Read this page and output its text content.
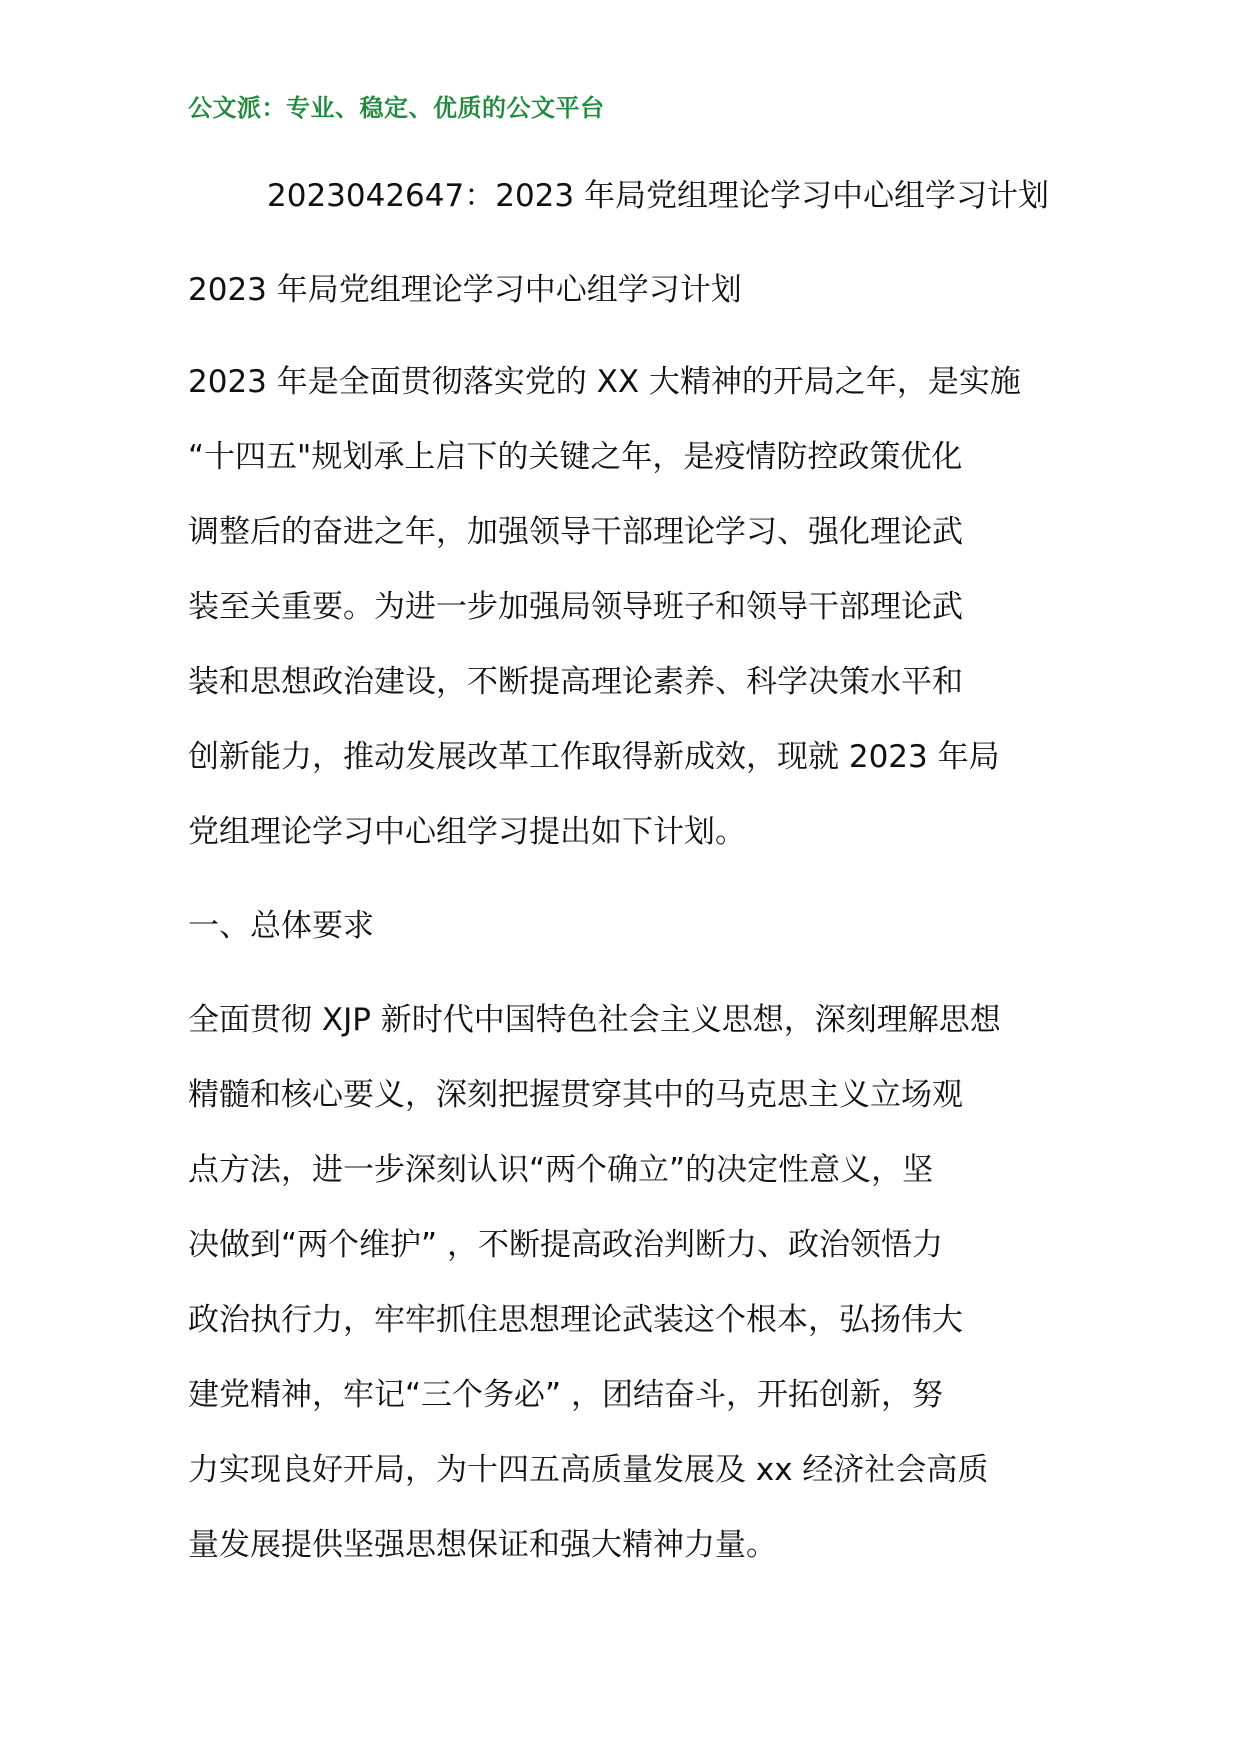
公文派：专业、稳定、优质的公文平台
2023042647：2023 年局党组理论学习中心组学习计划
2023 年局党组理论学习中心组学习计划
2023 年是全面贯彻落实党的 XX 大精神的开局之年，是实施
“十四五"规划承上启下的关键之年，是疫情防控政策优化
调整后的奋进之年，加强领导干部理论学习、强化理论武
装至关重要。为进一步加强局领导班子和领导干部理论武
装和思想政治建设，不断提高理论素养、科学决策水平和
创新能力，推动发展改革工作取得新成效，现就 2023 年局
党组理论学习中心组学习提出如下计划。
一、总体要求
全面贯彻 XJP 新时代中国特色社会主义思想，深刻理解思想
精髓和核心要义，深刻把握贯穿其中的马克思主义立场观
点方法，进一步深刻认识“两个确立”的决定性意义，坚
决做到“两个维护” ，不断提高政治判断力、政治领悟力
政治执行力，牢牢抓住思想理论武装这个根本，弘扬伟大
建党精神，牢记“三个务必” ，团结奋斗，开拓创新，努
力实现良好开局，为十四五高质量发展及 xx 经济社会高质
量发展提供坚强思想保证和强大精神力量。
